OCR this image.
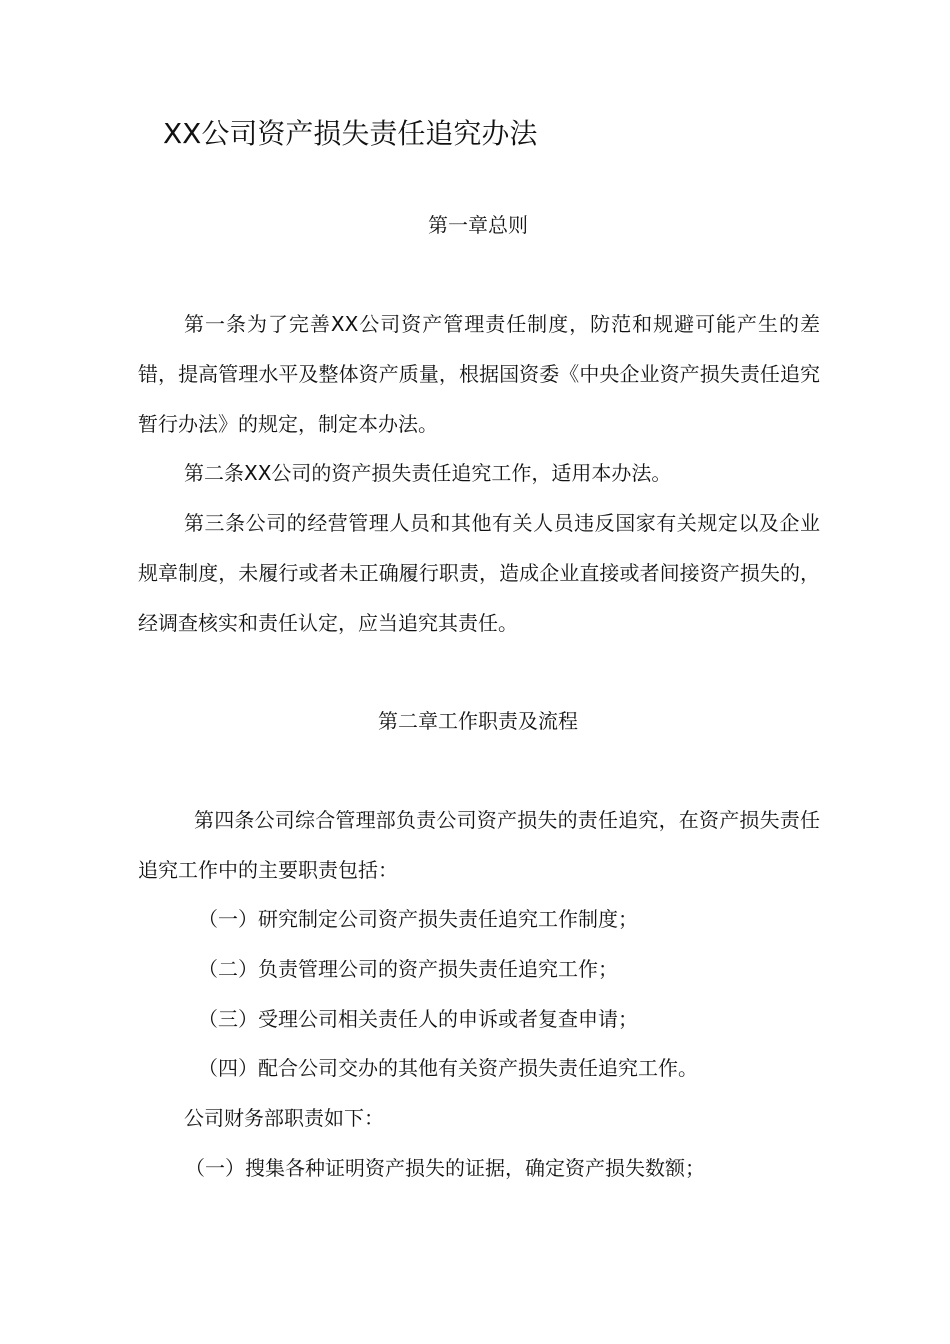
XX公司资产损失责任追究办法
第一章总则
第一条为了完善XX公司资产管理责任制度，防范和规避可能产生的差错，提高管理水平及整体资产质量，根据国资委《中央企业资产损失责任追究暂行办法》的规定，制定本办法。
第二条XX公司的资产损失责任追究工作，适用本办法。
第三条公司的经营管理人员和其他有关人员违反国家有关规定以及企业规章制度，未履行或者未正确履行职责，造成企业直接或者间接资产损失的，经调查核实和责任认定，应当追究其责任。
第二章工作职责及流程
第四条公司综合管理部负责公司资产损失的责任追究，在资产损失责任追究工作中的主要职责包括：
（一）研究制定公司资产损失责任追究工作制度；
（二）负责管理公司的资产损失责任追究工作；
（三）受理公司相关责任人的申诉或者复查申请；
（四）配合公司交办的其他有关资产损失责任追究工作。
公司财务部职责如下：
（一）搜集各种证明资产损失的证据，确定资产损失数额；
